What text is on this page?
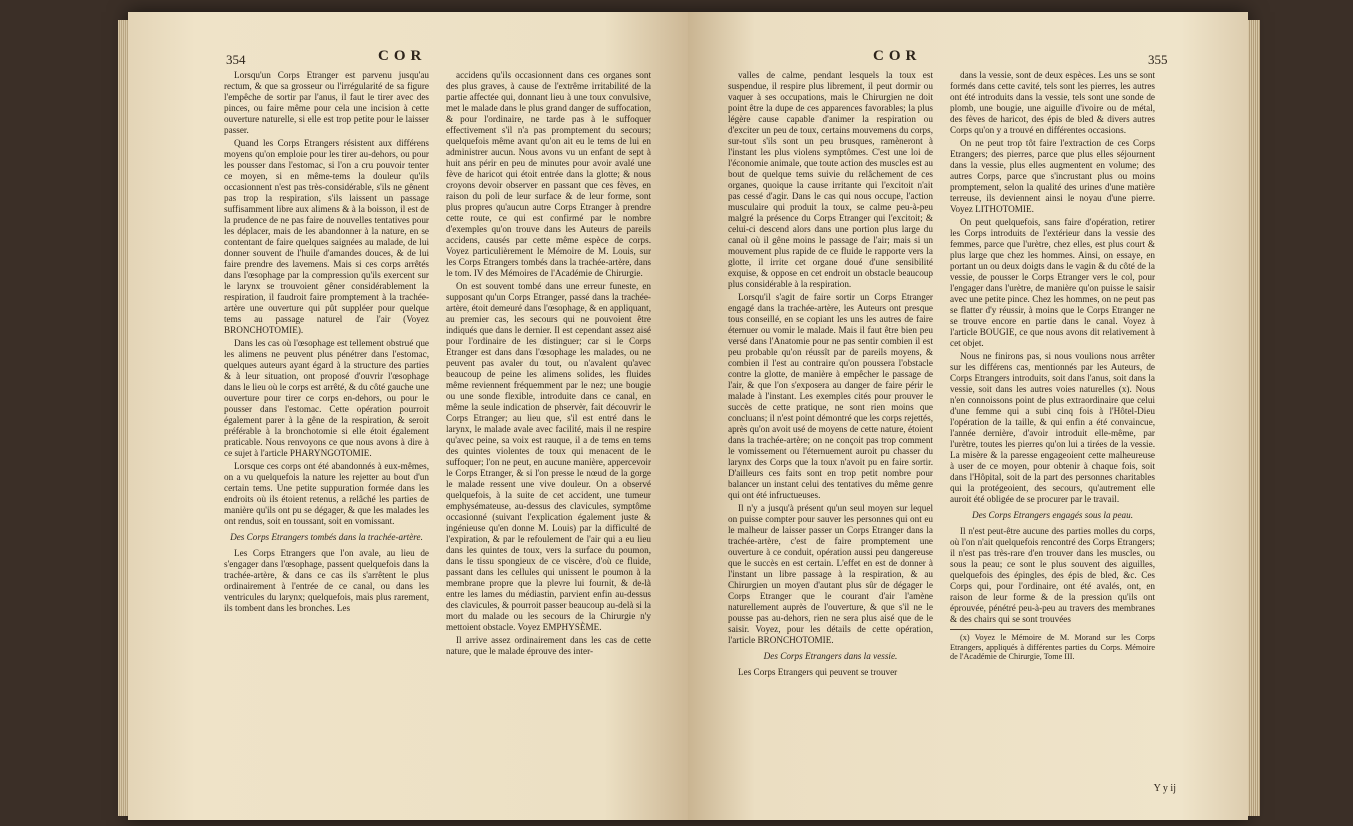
354	COR

Lorsqu'un Corps Etranger est parvenu jusqu'au rectum, & que sa grosseur ou l'irrégularité de sa figure l'empêche de sortir par l'anus, il faut le tirer avec des pinces, ou faire même pour cela une incision à cette ouverture naturelle, si elle est trop petite pour le laisser passer.

Quand les Corps Etrangers résistent aux différens moyens qu'on emploie pour les tirer au-dehors, ou pour les pousser dans l'estomac, si l'on a cru pouvoir tenter ce moyen, si en même-tems la douleur qu'ils occasionnent n'est pas très-considérable, s'ils ne gênent pas trop la respiration, s'ils laissent un passage suffisamment libre aux alimens & à la boisson, il est de la prudence de ne pas faire de nouvelles tentatives pour les déplacer, mais de les abandonner à la nature, en se contentant de faire quelques saignées au malade, de lui donner souvent de l'huile d'amandes douces, & de lui faire prendre des lavemens. Mais si ces corps arrêtés dans l'œsophage par la compression qu'ils exercent sur le larynx se trouvoient gêner considérablement la respiration, il faudroit faire promptement à la trachée-artère une ouverture qui pût suppléer pour quelque tems au passage naturel de l'air (Voyez BRONCHOTOMIE).

Dans les cas où l'œsophage est tellement obstrué que les alimens ne peuvent plus pénétrer dans l'estomac, quelques auteurs ayant égard à la structure des parties & à leur situation, ont proposé d'ouvrir l'œsophage dans le lieu où le corps est arrêté, & du côté gauche une ouverture pour tirer ce corps en-dehors, ou pour le pousser dans l'estomac. Cette opération pourroit également parer à la gêne de la respiration, & seroit préférable à la bronchotomie si elle étoit également praticable. Nous renvoyons ce que nous avons à dire à ce sujet à l'article PHARYNGOTOMIE.

Lorsque ces corps ont été abandonnés à eux-mêmes, on a vu quelquefois la nature les rejetter au bout d'un certain tems. Une petite suppuration formée dans les endroits où ils étoient retenus, a relâché les parties de manière qu'ils ont pu se dégager, & que les malades les ont rendus, soit en toussant, soit en vomissant.

Des Corps Etrangers tombés dans la trachée-artère.

Les Corps Etrangers que l'on avale, au lieu de s'engager dans l'œsophage, passent quelquefois dans la trachée-artère, & dans ce cas ils s'arrêtent le plus ordinairement à l'entrée de ce canal, ou dans les ventricules du larynx; quelquefois, mais plus rarement, ils tombent dans les bronches. Les

accidens qu'ils occasionnent dans ces organes sont des plus graves, à cause de l'extrême irritabilité de la partie affectée qui, donnant lieu à une toux convulsive, met le malade dans le plus grand danger de suffocation, & pour l'ordinaire, ne tarde pas à le suffoquer effectivement s'il n'a pas promptement du secours; quelquefois même avant qu'on ait eu le tems de lui en administrer aucun. Nous avons vu un enfant de sept à huit ans périr en peu de minutes pour avoir avalé une fève de haricot qui étoit entrée dans la glotte; & nous croyons devoir observer en passant que ces fèves, en raison du poli de leur surface & de leur forme, sont plus propres qu'aucun autre Corps Etranger à prendre cette route, ce qui est confirmé par le nombre d'exemples qu'on trouve dans les Auteurs de pareils accidens, causés par cette même espèce de corps. Voyez particulièrement le Mémoire de M. Louis, sur les Corps Etrangers tombés dans la trachée-artère, dans le tom. IV des Mémoires de l'Académie de Chirurgie.

On est souvent tombé dans une erreur funeste, en supposant qu'un Corps Etranger, passé dans la trachée-artère, étoit demeuré dans l'œsophage, & en appliquant, au premier cas, les secours qui ne pouvoient être indiqués que dans le dernier. Il est cependant assez aisé pour l'ordinaire de les distinguer; car si le Corps Etranger est dans dans l'œsophage les malades, ou ne peuvent pas avaler du tout, ou n'avalent qu'avec beaucoup de peine les alimens solides, les fluides même reviennent fréquemment par le nez; une bougie ou une sonde flexible, introduite dans ce canal, en même la seule indication de phservèr, fait découvrir le Corps Etranger; au lieu que, s'il est entré dans le larynx, le malade avale avec facilité, mais il ne respire qu'avec peine, sa voix est rauque, il a de tems en tems des quintes violentes de toux qui menacent de le suffoquer; l'on ne peut, en aucune manière, appercevoir le Corps Etranger, & si l'on presse le nœud de la gorge le malade ressent une vive douleur. On a observé quelquefois, à la suite de cet accident, une tumeur emphysémateuse, au-dessus des clavicules, symptôme occasionné (suivant l'explication également juste & ingénieuse qu'en donne M. Louis) par la difficulté de l'expiration, & par le refoulement de l'air qui a eu lieu dans les quintes de toux, vers la surface du poumon, dans le tissu spongieux de ce viscère, d'où ce fluide, passant dans les cellules qui unissent le poumon à la membrane propre que la plevre lui fournit, & de-là entre les lames du médiastin, parvient enfin au-dessus des clavicules, & pourroit passer beaucoup au-delà si la mort du malade ou les secours de la Chirurgie n'y mettoient obstacle. Voyez EMPHYSÈME.

Il arrive assez ordinairement dans les cas de cette nature, que le malade éprouve des inter-

COR	355

valles de calme, pendant lesquels la toux est suspendue, il respire plus librement, il peut dormir ou vaquer à ses occupations, mais le Chirurgien ne doit point être la dupe de ces apparences favorables; la plus légère cause capable d'animer la respiration ou d'exciter un peu de toux, certains mouvemens du corps, sur-tout s'ils sont un peu brusques, ramèneront à l'instant les plus violens symptômes. C'est une loi de l'économie animale, que toute action des muscles est au bout de quelque tems suivie du relâchement de ces organes, quoique la cause irritante qui l'excitoit n'ait pas cessé d'agir. Dans le cas qui nous occupe, l'action musculaire qui produit la toux, se calme peu-à-peu malgré la présence du Corps Etranger qui l'excitoit; & celui-ci descend alors dans une portion plus large du canal où il gêne moins le passage de l'air; mais si un mouvement plus rapide de ce fluide le rapporte vers la glotte, il irrite cet organe doué d'une sensibilité exquise, & oppose en cet endroit un obstacle beaucoup plus considérable à la respiration.

Lorsqu'il s'agit de faire sortir un Corps Etranger engagé dans la trachée-artère, les Auteurs ont presque tous conseillé, en se copiant les uns les autres de faire éternuer ou vomir le malade. Mais il faut être bien peu versé dans l'Anatomie pour ne pas sentir combien il est peu probable qu'on réussît par de pareils moyens, & combien il l'est au contraire qu'on poussera l'obstacle contre la glotte, de manière à empêcher le passage de l'air, & que l'on s'exposera au danger de faire périr le malade à l'instant. Les exemples cités pour prouver le succès de cette pratique, ne sont rien moins que concluans; il n'est point démontré que les corps rejettés, après qu'on avoit usé de moyens de cette nature, étoient dans la trachée-artère; on ne conçoit pas trop comment le vomissement ou l'éternuement auroit pu chasser du larynx des Corps que la toux n'avoit pu en faire sortir. D'ailleurs ces faits sont en trop petit nombre pour balancer un instant celui des tentatives du même genre qui ont été infructueuses.

Il n'y a jusqu'à présent qu'un seul moyen sur lequel on puisse compter pour sauver les personnes qui ont eu le malheur de laisser passer un Corps Etranger dans la trachée-artère, c'est de faire promptement une ouverture à ce conduit, opération aussi peu dangereuse que le succès en est certain. L'effet en est de donner à l'instant un libre passage à la respiration, & au Chirurgien un moyen d'autant plus sûr de dégager le Corps Etranger que le courant d'air l'amène naturellement auprès de l'ouverture, & que s'il ne le pousse pas au-dehors, rien ne sera plus aisé que de le saisir. Voyez, pour les détails de cette opération, l'article BRONCHOTOMIE.

Des Corps Etrangers dans la vessie.

Les Corps Etrangers qui peuvent se trouver

dans la vessie, sont de deux espèces. Les uns se sont formés dans cette cavité, tels sont les pierres, les autres ont été introduits dans la vessie, tels sont une sonde de plomb, une bougie, une aiguille d'ivoire ou de métal, des fèves de haricot, des épis de bled & divers autres Corps qu'on y a trouvé en différentes occasions.

On ne peut trop tôt faire l'extraction de ces Corps Etrangers; des pierres, parce que plus elles séjournent dans la vessie, plus elles augmentent en volume; des autres Corps, parce que s'incrustant plus ou moins promptement, selon la qualité des urines d'une matière terreuse, ils deviennent ainsi le noyau d'une pierre. Voyez LITHOTOMIE.

On peut quelquefois, sans faire d'opération, retirer les Corps introduits de l'extérieur dans la vessie des femmes, parce que l'urètre, chez elles, est plus court & plus large que chez les hommes. Ainsi, on essaye, en portant un ou deux doigts dans le vagin & du côté de la vessie, de pousser le Corps Etranger vers le col, pour l'engager dans l'urètre, de manière qu'on puisse le saisir avec une petite pince. Chez les hommes, on ne peut pas se flatter d'y réussir, à moins que le Corps Etranger ne se trouve encore en partie dans le canal. Voyez à l'article BOUGIE, ce que nous avons dit relativement à cet objet.

Nous ne finirons pas, si nous voulions nous arrêter sur les différens cas, mentionnés par les Auteurs, de Corps Etrangers introduits, soit dans l'anus, soit dans la vessie, soit dans les autres voies naturelles (x). Nous n'en connoissons point de plus extraordinaire que celui d'une femme qui a subi cinq fois à l'Hôtel-Dieu l'opération de la taille, & qui enfin a été convaincue, l'année dernière, d'avoir introduit elle-même, par l'urètre, toutes les pierres qu'on lui a tirées de la vessie. La misère & la paresse engageoient cette malheureuse à user de ce moyen, pour obtenir à chaque fois, soit dans l'Hôpital, soit de la part des personnes charitables qui la protégeoient, des secours, qu'autrement elle auroit été obligée de se procurer par le travail.

Des Corps Etrangers engagés sous la peau.

Il n'est peut-être aucune des parties molles du corps, où l'on n'ait quelquefois rencontré des Corps Etrangers; il n'est pas très-rare d'en trouver dans les muscles, ou sous la peau; ce sont le plus souvent des aiguilles, quelquefois des épingles, des épis de bled, &c. Ces Corps qui, pour l'ordinaire, ont été avalés, ont, en raison de leur forme & de la pression qu'ils ont éprouvée, pénétré peu-à-peu au travers des membranes & des chairs qui se sont trouvées

(x) Voyez le Mémoire de M. Morand sur les Corps Etrangers, appliqués à différentes parties du Corps. Mémoire de l'Académie de Chirurgie, Tome III.

Y y ij
